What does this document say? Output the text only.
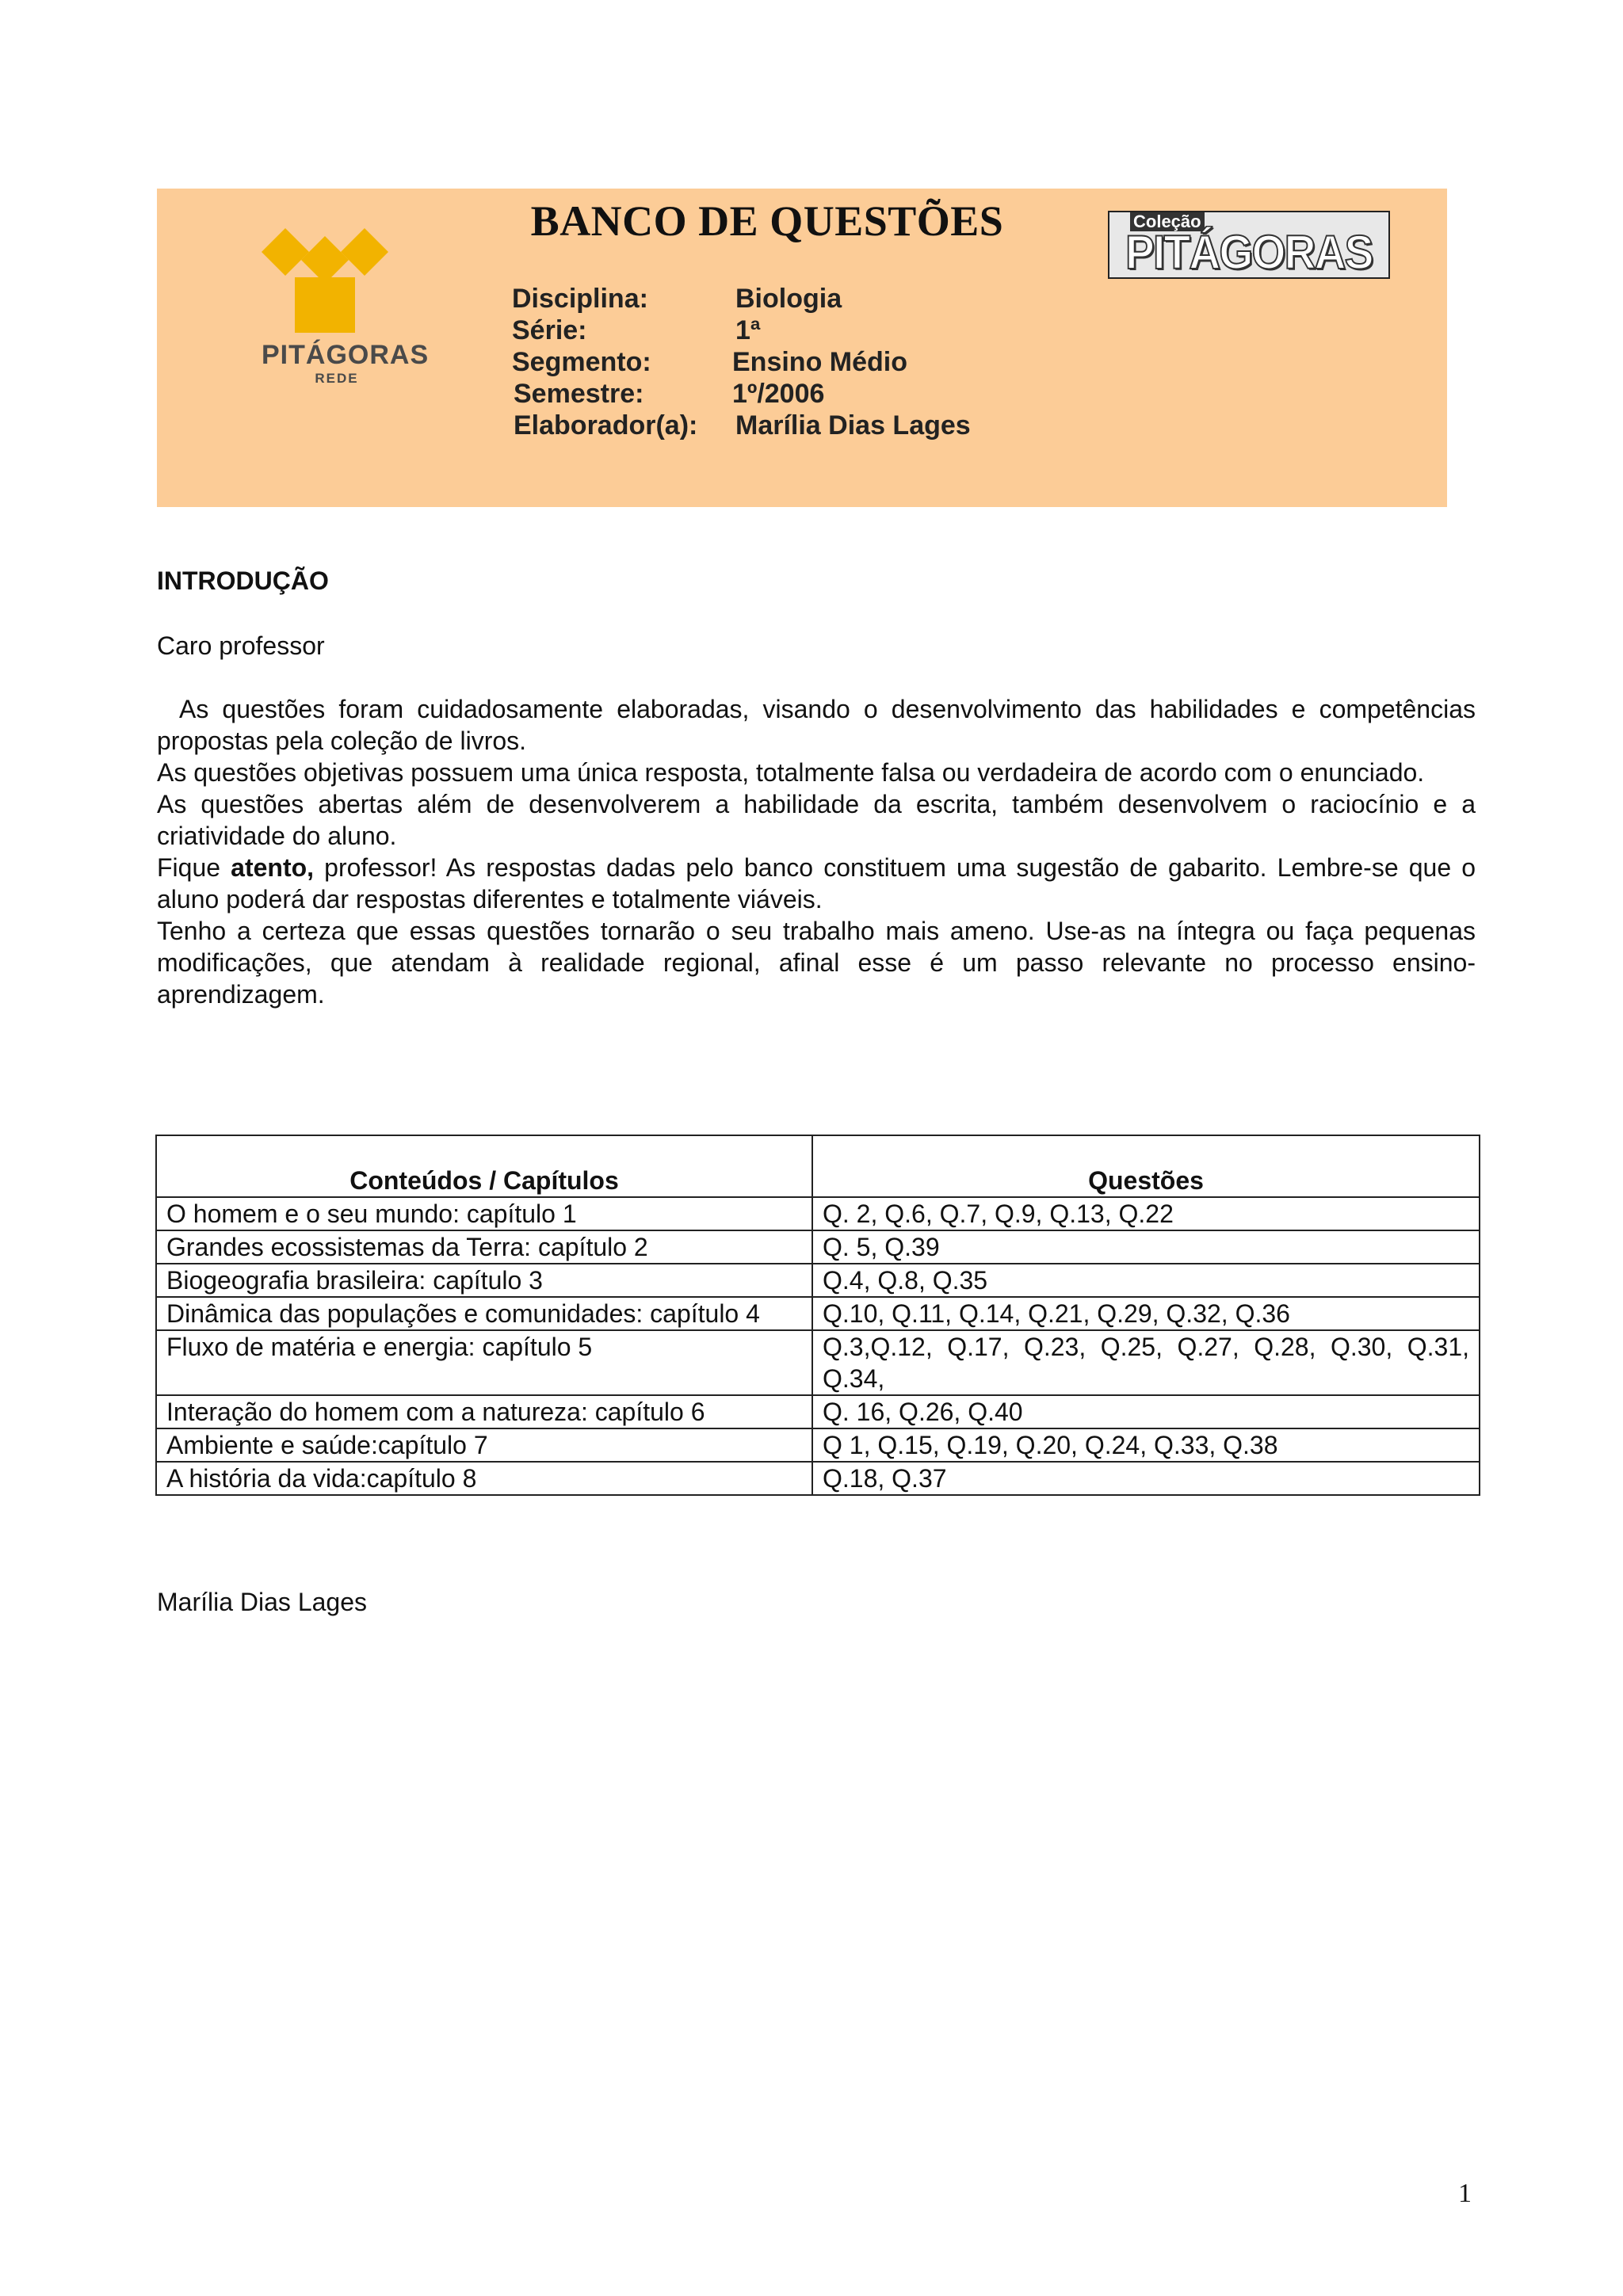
PITÁGORAS
REDE
BANCO DE QUESTÕES	Coleção
PITÁGORAS
Disciplina:	Biologia
Série:	1ª
Segmento:	Ensino Médio
Semestre:	1º/2006
Elaborador(a): Marília Dias Lages
INTRODUÇÃO
Caro professor

As questões foram cuidadosamente elaboradas, visando o desenvolvimento das habilidades e competências propostas pela coleção de livros.

As questões objetivas possuem uma única resposta, totalmente falsa ou verdadeira de acordo com o enunciado.

As questões abertas além de desenvolverem a habilidade da escrita, também desenvolvem o raciocínio e a criatividade do aluno.

Fique atento, professor! As respostas dadas pelo banco constituem uma sugestão de gabarito. Lembre-se que o aluno poderá dar respostas diferentes e totalmente viáveis.

Tenho a certeza que essas questões tornarão o seu trabalho mais ameno. Use-as na íntegra ou faça pequenas modificações, que atendam à realidade regional, afinal esse é um passo relevante no processo ensino-aprendizagem.

Conteúdos / Capítulos	Questões
O homem e o seu mundo: capítulo 1	Q. 2, Q.6, Q.7, Q.9, Q.13, Q.22
Grandes ecossistemas da Terra: capítulo 2	Q. 5, Q.39
Biogeografia brasileira: capítulo 3	Q.4, Q.8, Q.35
Dinâmica das populações e comunidades: capítulo 4	Q.10, Q.11, Q.14, Q.21, Q.29, Q.32, Q.36
Fluxo de matéria e energia: capítulo 5	Q.3,Q.12, Q.17, Q.23, Q.25, Q.27, Q.28, Q.30, Q.31, Q.34,
Interação do homem com a natureza: capítulo 6	Q. 16, Q.26, Q.40
Ambiente e saúde:capítulo 7	Q 1, Q.15, Q.19, Q.20, Q.24, Q.33, Q.38
A história da vida:capítulo 8	Q.18, Q.37
Marília Dias Lages
1
